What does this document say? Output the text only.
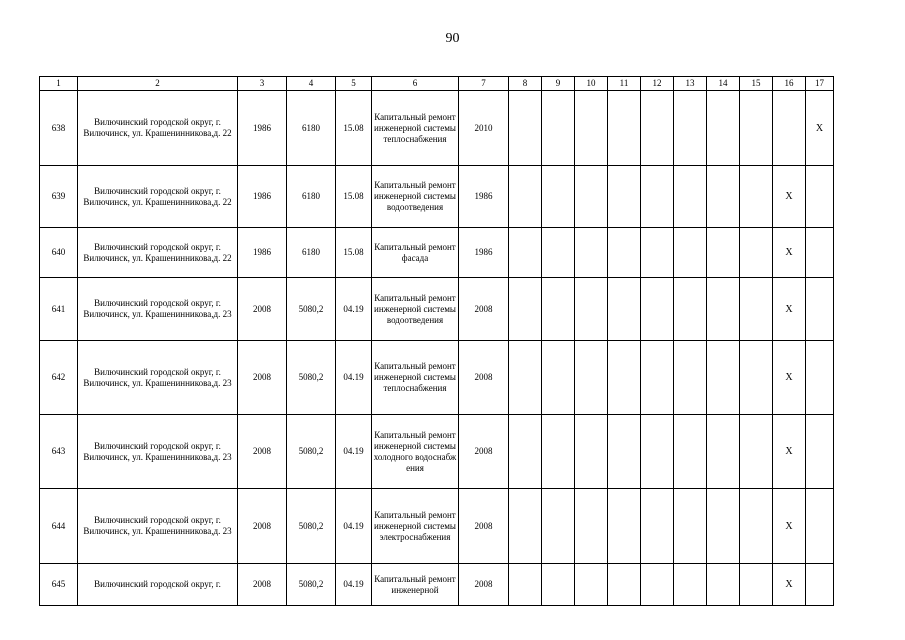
90
1	2	3	4	5	6	7	8	9	10	11	12	13	14	15	16	17
638	Вилючинский городской округ, г. Вилючинск, ул. Крашенинникова,д. 22	1986	6180	15.08	Капитальный ремонт инженерной системы теплоснабжения	2010										X
639	Вилючинский городской округ, г. Вилючинск, ул. Крашенинникова,д. 22	1986	6180	15.08	Капитальный ремонт инженерной системы водоотведения	1986									X	
640	Вилючинский городской округ, г. Вилючинск, ул. Крашенинникова,д. 22	1986	6180	15.08	Капитальный ремонт фасада	1986									X	
641	Вилючинский городской округ, г. Вилючинск, ул. Крашенинникова,д. 23	2008	5080,2	04.19	Капитальный ремонт инженерной системы водоотведения	2008									X	
642	Вилючинский городской округ, г. Вилючинск, ул. Крашенинникова,д. 23	2008	5080,2	04.19	Капитальный ремонт инженерной системы теплоснабжения	2008									X	
643	Вилючинский городской округ, г. Вилючинск, ул. Крашенинникова,д. 23	2008	5080,2	04.19	Капитальный ремонт инженерной системы холодного водоснабжения	2008									X	
644	Вилючинский городской округ, г. Вилючинск, ул. Крашенинникова,д. 23	2008	5080,2	04.19	Капитальный ремонт инженерной системы электроснабжения	2008									X	
645	Вилючинский городской округ, г.	2008	5080,2	04.19	Капитальный ремонт инженерной	2008									X	
